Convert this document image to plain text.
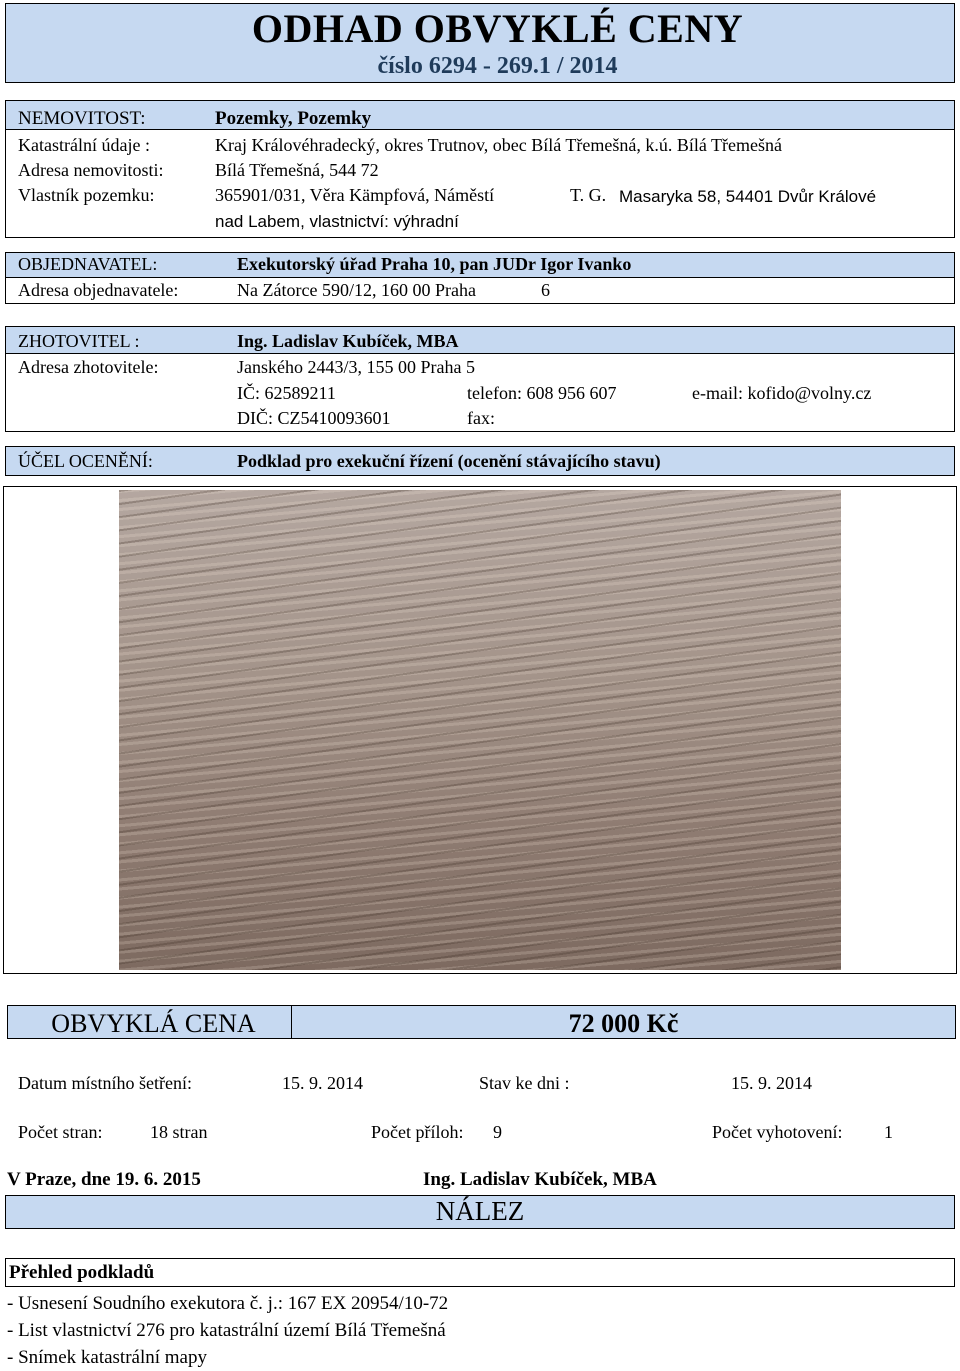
ODHAD OBVYKLÉ CENY
číslo 6294 - 269.1 / 2014
NEMOVITOST:	Pozemky, Pozemky
Katastrální údaje :	Kraj Královéhradecký, okres Trutnov, obec Bílá Třemešná, k.ú. Bílá Třemešná
Adresa nemovitosti:	Bílá Třemešná, 544 72
Vlastník pozemku:	365901/031, Věra Kämpfová, Náměstí	T. G. Masaryka 58, 54401 Dvůr Králové
nad Labem, vlastnictví: výhradní
OBJEDNAVATEL:	Exekutorský úřad Praha 10, pan JUDr Igor Ivanko
Adresa objednavatele:	Na Zátorce 590/12, 160 00 Praha	6
ZHOTOVITEL :	Ing. Ladislav Kubíček, MBA
Adresa zhotovitele:	Janského 2443/3, 155 00 Praha 5
IČ: 62589211	telefon: 608 956 607	e-mail: kofido@volny.cz
DIČ: CZ5410093601	fax:
ÚČEL OCENĚNÍ:	Podklad pro exekuční řízení (ocenění stávajícího stavu)
OBVYKLÁ CENA	72 000 Kč
Datum místního šetření:	15. 9. 2014	Stav ke dni :	15. 9. 2014
Počet stran:	18 stran	Počet příloh: 9	Počet vyhotovení: 1
V Praze, dne 19. 6. 2015	Ing. Ladislav Kubíček, MBA
NÁLEZ
Přehled podkladů
- Usnesení Soudního exekutora č. j.: 167 EX 20954/10-72
- List vlastnictví 276 pro katastrální území Bílá Třemešná
- Snímek katastrální mapy
